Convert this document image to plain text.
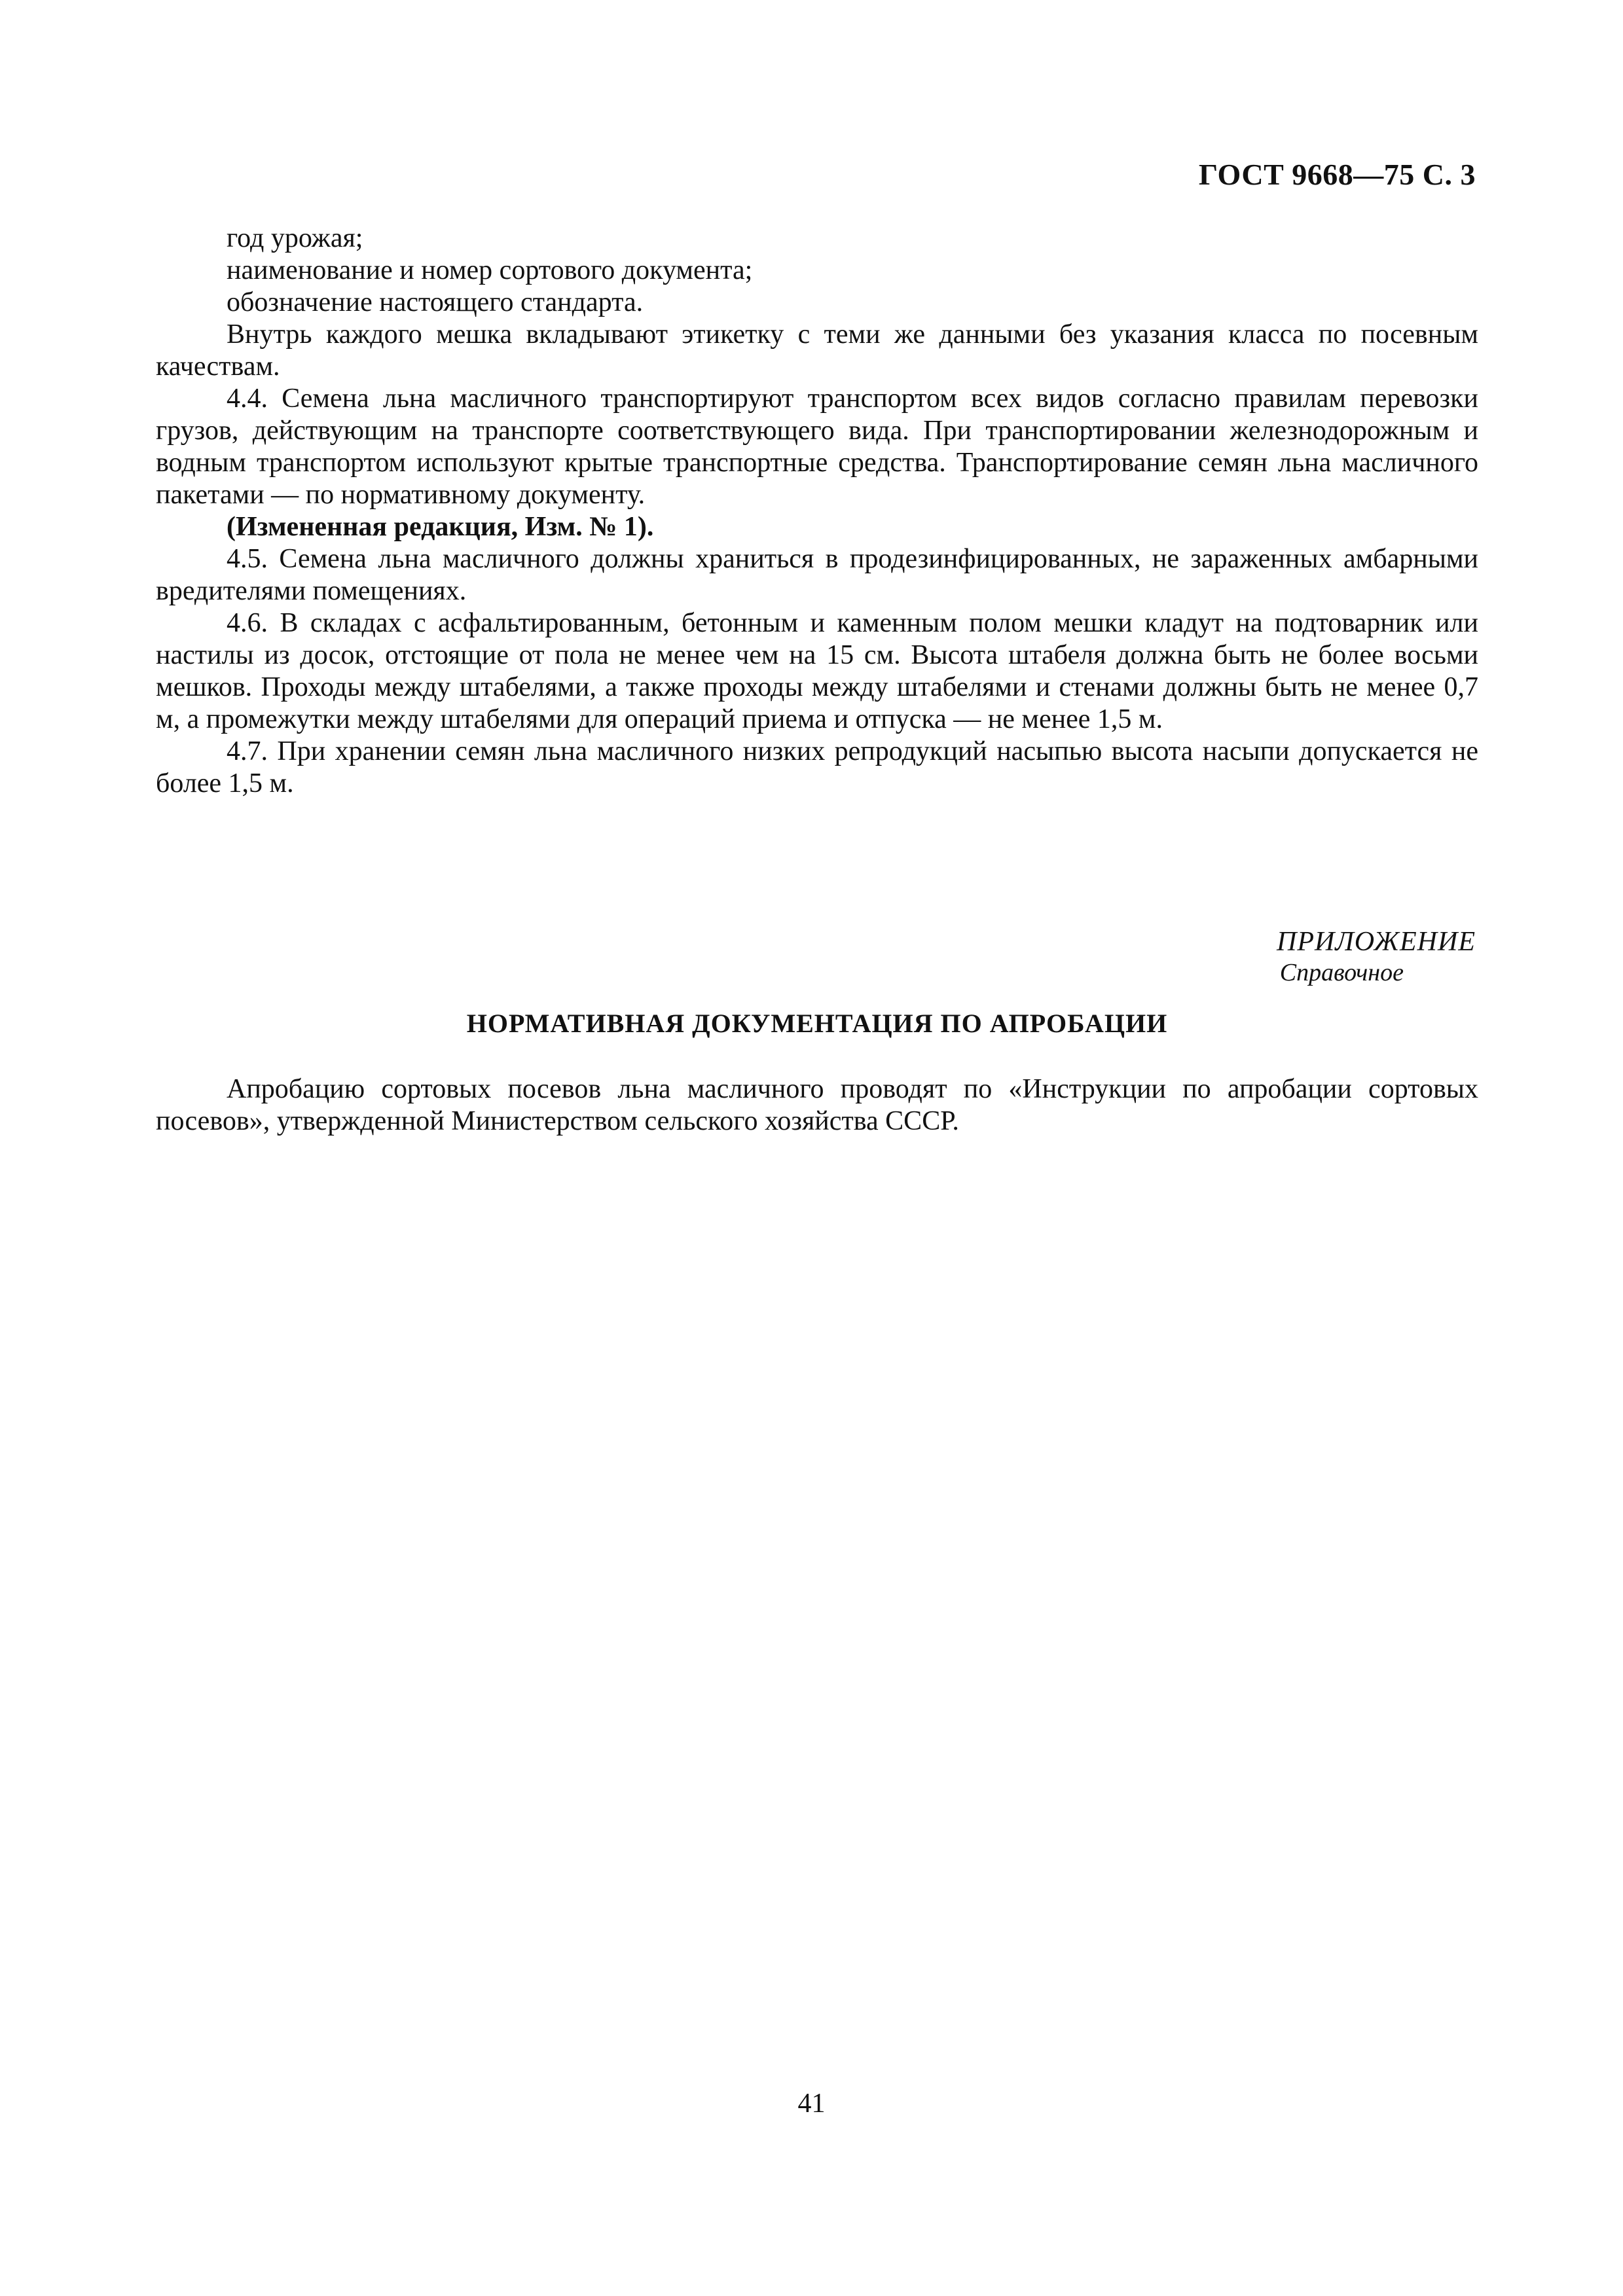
ГОСТ 9668—75 С. 3

год урожая;

наименование и номер сортового документа;

обозначение настоящего стандарта.

Внутрь каждого мешка вкладывают этикетку с теми же данными без указания класса по посевным качествам.

4.4. Семена льна масличного транспортируют транспортом всех видов согласно правилам перевозки грузов, действующим на транспорте соответствующего вида. При транспортировании железнодорожным и водным транспортом используют крытые транспортные средства. Транспортирование семян льна масличного пакетами — по нормативному документу.

(Измененная редакция, Изм. № 1).

4.5. Семена льна масличного должны храниться в продезинфицированных, не зараженных амбарными вредителями помещениях.

4.6. В складах с асфальтированным, бетонным и каменным полом мешки кладут на подтоварник или настилы из досок, отстоящие от пола не менее чем на 15 см. Высота штабеля должна быть не более восьми мешков. Проходы между штабелями, а также проходы между штабелями и стенами должны быть не менее 0,7 м, а промежутки между штабелями для операций приема и отпуска — не менее 1,5 м.

4.7. При хранении семян льна масличного низких репродукций насыпью высота насыпи допускается не более 1,5 м.

ПРИЛОЖЕНИЕ
Справочное
НОРМАТИВНАЯ ДОКУМЕНТАЦИЯ ПО АПРОБАЦИИ

Апробацию сортовых посевов льна масличного проводят по «Инструкции по апробации сортовых посевов», утвержденной Министерством сельского хозяйства СССР.

41
